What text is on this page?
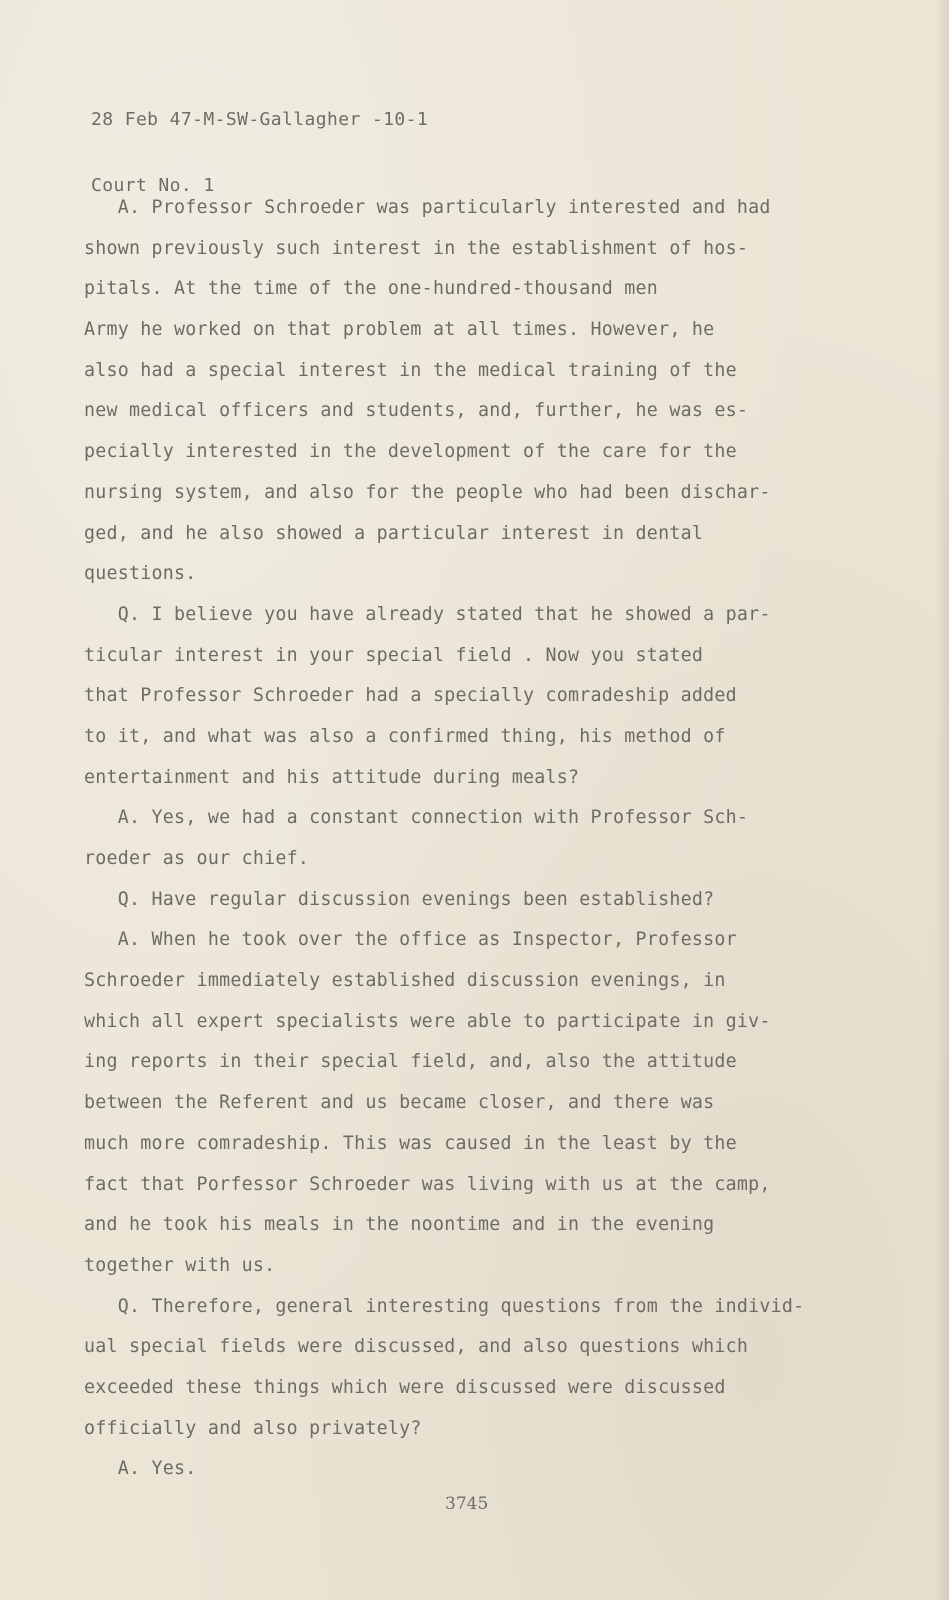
28 Feb 47-M-SW-Gallagher -10-1

Court No. 1

A. Professor Schroeder was particularly interested and had

shown previously such interest in the establishment of hos-

pitals. At the time of the one-hundred-thousand men

Army he worked on that problem at all times. However, he

also had a special interest in the medical training of the

new medical officers and students, and, further, he was es-

pecially interested in the development of the care for the

nursing system, and also for the people who had been dischar-

ged, and he also showed a particular interest in dental

questions.

Q. I believe you have already stated that he showed a par-

ticular interest in your special field . Now you stated

that Professor Schroeder had a specially comradeship added

to it, and what was also a confirmed thing, his method of

entertainment and his attitude during meals?

A. Yes, we had a constant connection with Professor Sch-

roeder as our chief.

Q. Have regular discussion evenings been established?

A. When he took over the office as Inspector, Professor

Schroeder immediately established discussion evenings, in

which all expert specialists were able to participate in giv-

ing reports in their special field, and, also the attitude

between the Referent and us became closer, and there was

much more comradeship. This was caused in the least by the

fact that Porfessor Schroeder was living with us at the camp,

and he took his meals in the noontime and in the evening

together with us.

Q. Therefore, general interesting questions from the individ-

ual special fields were discussed, and also questions which

exceeded these things which were discussed were discussed

officially and also privately?

A. Yes.

3745
